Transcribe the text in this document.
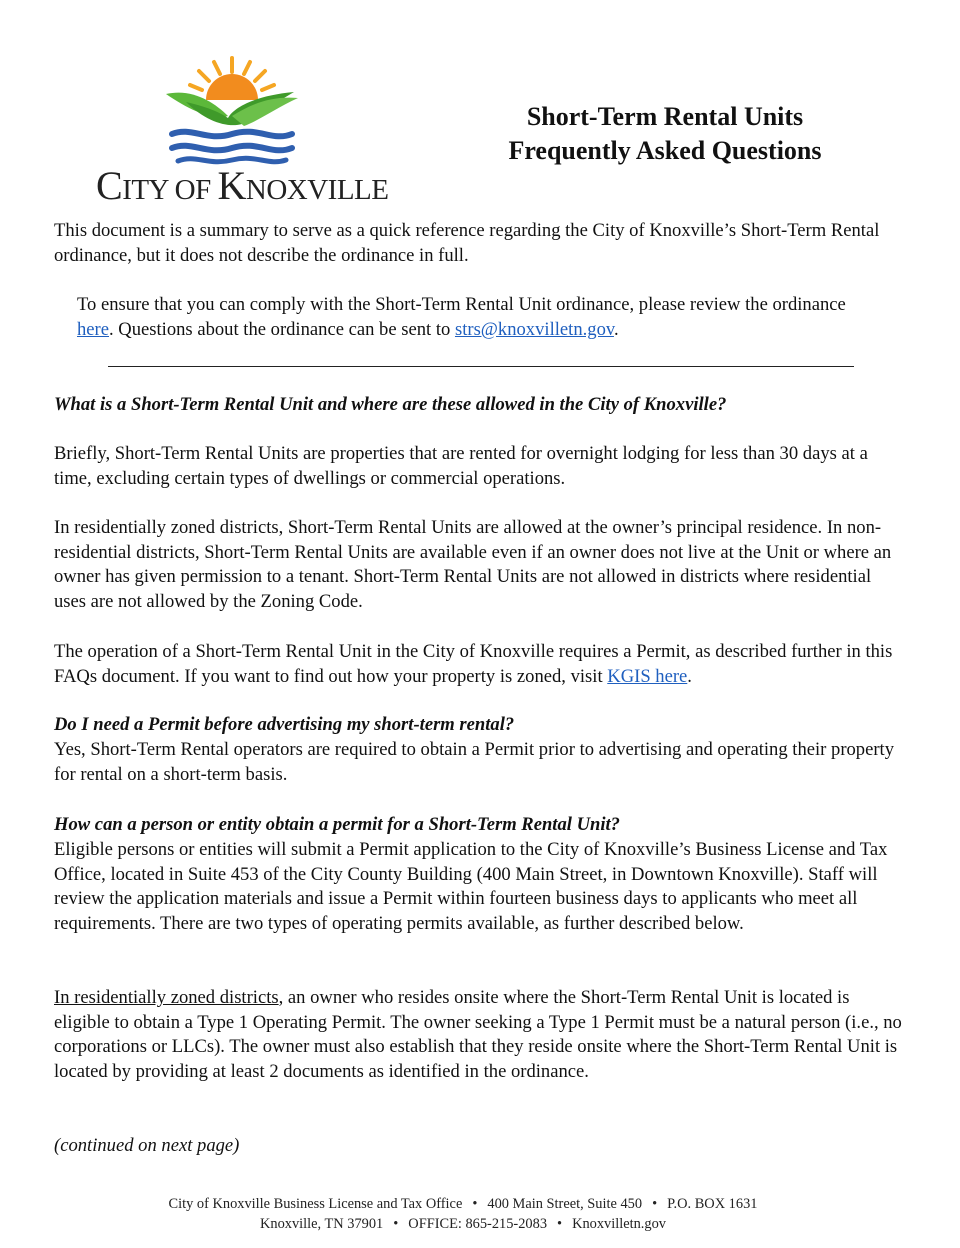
CITY OF KNOXVILLE
Short-Term Rental Units
Frequently Asked Questions

This document is a summary to serve as a quick reference regarding the City of Knoxville’s Short-Term Rental ordinance, but it does not describe the ordinance in full.

To ensure that you can comply with the Short-Term Rental Unit ordinance, please review the ordinance here. Questions about the ordinance can be sent to strs@knoxvilletn.gov.

What is a Short-Term Rental Unit and where are these allowed in the City of Knoxville?

Briefly, Short-Term Rental Units are properties that are rented for overnight lodging for less than 30 days at a time, excluding certain types of dwellings or commercial operations.

In residentially zoned districts, Short-Term Rental Units are allowed at the owner’s principal residence. In non-residential districts, Short-Term Rental Units are available even if an owner does not live at the Unit or where an owner has given permission to a tenant. Short-Term Rental Units are not allowed in districts where residential uses are not allowed by the Zoning Code.

The operation of a Short-Term Rental Unit in the City of Knoxville requires a Permit, as described further in this FAQs document. If you want to find out how your property is zoned, visit KGIS here.

Do I need a Permit before advertising my short-term rental?

Yes, Short-Term Rental operators are required to obtain a Permit prior to advertising and operating their property for rental on a short-term basis.

How can a person or entity obtain a permit for a Short-Term Rental Unit?

Eligible persons or entities will submit a Permit application to the City of Knoxville’s Business License and Tax Office, located in Suite 453 of the City County Building (400 Main Street, in Downtown Knoxville). Staff will review the application materials and issue a Permit within fourteen business days to applicants who meet all requirements. There are two types of operating permits available, as further described below.

In residentially zoned districts, an owner who resides onsite where the Short-Term Rental Unit is located is eligible to obtain a Type 1 Operating Permit. The owner seeking a Type 1 Permit must be a natural person (i.e., no corporations or LLCs). The owner must also establish that they reside onsite where the Short-Term Rental Unit is located by providing at least 2 documents as identified in the ordinance.

(continued on next page)

City of Knoxville Business License and Tax Office • 400 Main Street, Suite 450 • P.O. BOX 1631
Knoxville, TN 37901 • OFFICE: 865-215-2083 • Knoxvilletn.gov
